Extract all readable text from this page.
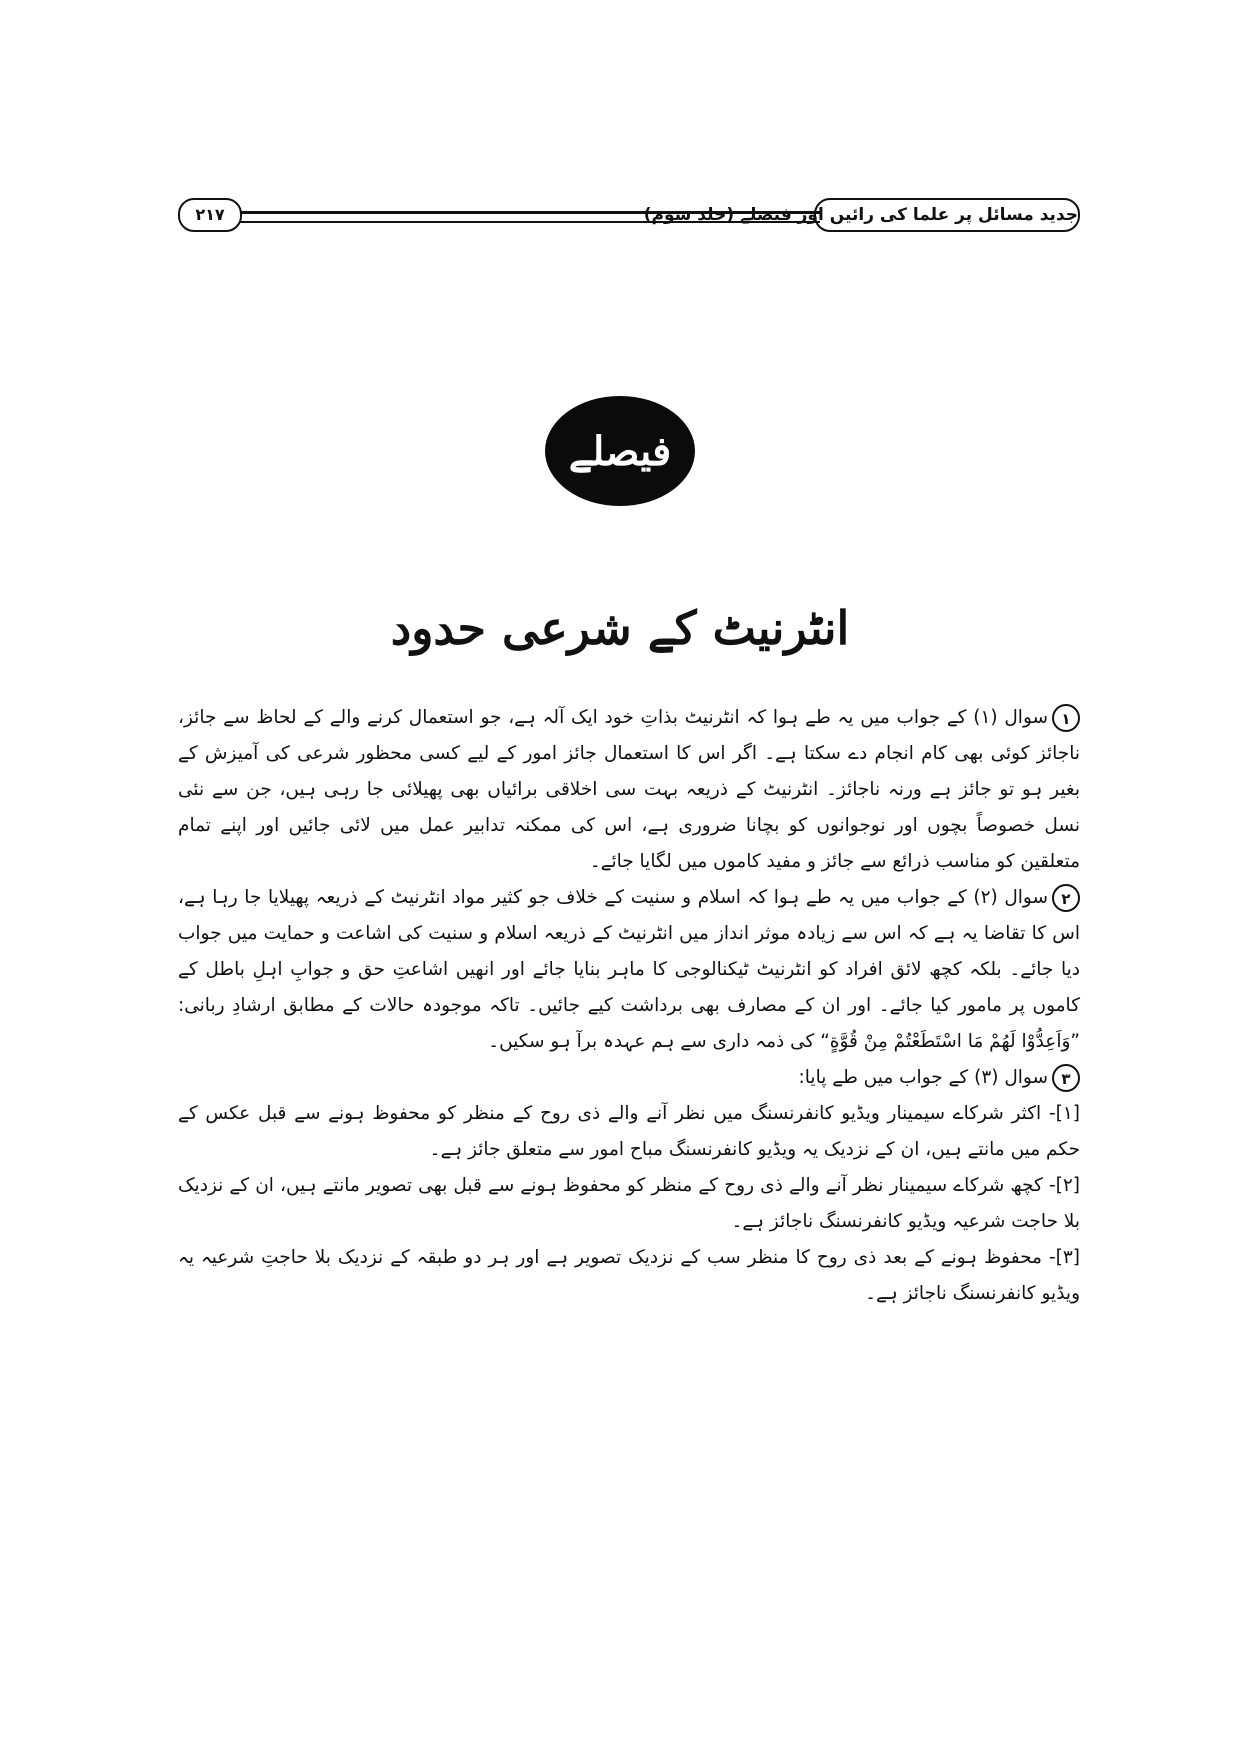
۲۱۷	جدید مسائل پر علما کی رائیں اور فیصلے (جلد سوم)
فیصلے
انٹرنیٹ کے شرعی حدود

۱سوال (۱) کے جواب میں یہ طے ہوا کہ انٹرنیٹ بذاتِ خود ایک آلہ ہے، جو استعمال کرنے والے کے لحاظ سے جائز، ناجائز کوئی بھی کام انجام دے سکتا ہے۔ اگر اس کا استعمال جائز امور کے لیے کسی محظور شرعی کی آمیزش کے بغیر ہو تو جائز ہے ورنہ ناجائز۔ انٹرنیٹ کے ذریعہ بہت سی اخلاقی برائیاں بھی پھیلائی جا رہی ہیں، جن سے نئی نسل خصوصاً بچوں اور نوجوانوں کو بچانا ضروری ہے، اس کی ممکنہ تدابیر عمل میں لائی جائیں اور اپنے تمام متعلقین کو مناسب ذرائع سے جائز و مفید کاموں میں لگایا جائے۔

۲سوال (۲) کے جواب میں یہ طے ہوا کہ اسلام و سنیت کے خلاف جو کثیر مواد انٹرنیٹ کے ذریعہ پھیلایا جا رہا ہے، اس کا تقاضا یہ ہے کہ اس سے زیادہ موثر انداز میں انٹرنیٹ کے ذریعہ اسلام و سنیت کی اشاعت و حمایت میں جواب دیا جائے۔ بلکہ کچھ لائق افراد کو انٹرنیٹ ٹیکنالوجی کا ماہر بنایا جائے اور انھیں اشاعتِ حق و جوابِ اہلِ باطل کے کاموں پر مامور کیا جائے۔ اور ان کے مصارف بھی برداشت کیے جائیں۔ تاکہ موجودہ حالات کے مطابق ارشادِ ربانی: ”وَاَعِدُّوْا لَهُمْ مَا اسْتَطَعْتُمْ مِنْ قُوَّةٍ“ کی ذمہ داری سے ہم عہدہ برآ ہو سکیں۔

۳سوال (۳) کے جواب میں طے پایا:

[۱]- اکثر شرکاے سیمینار ویڈیو کانفرنسنگ میں نظر آنے والے ذی روح کے منظر کو محفوظ ہونے سے قبل عکس کے حکم میں مانتے ہیں، ان کے نزدیک یہ ویڈیو کانفرنسنگ مباح امور سے متعلق جائز ہے۔

[۲]- کچھ شرکاے سیمینار نظر آنے والے ذی روح کے منظر کو محفوظ ہونے سے قبل بھی تصویر مانتے ہیں، ان کے نزدیک بلا حاجت شرعیہ ویڈیو کانفرنسنگ ناجائز ہے۔

[۳]- محفوظ ہونے کے بعد ذی روح کا منظر سب کے نزدیک تصویر ہے اور ہر دو طبقہ کے نزدیک بلا حاجتِ شرعیہ یہ ویڈیو کانفرنسنگ ناجائز ہے۔
